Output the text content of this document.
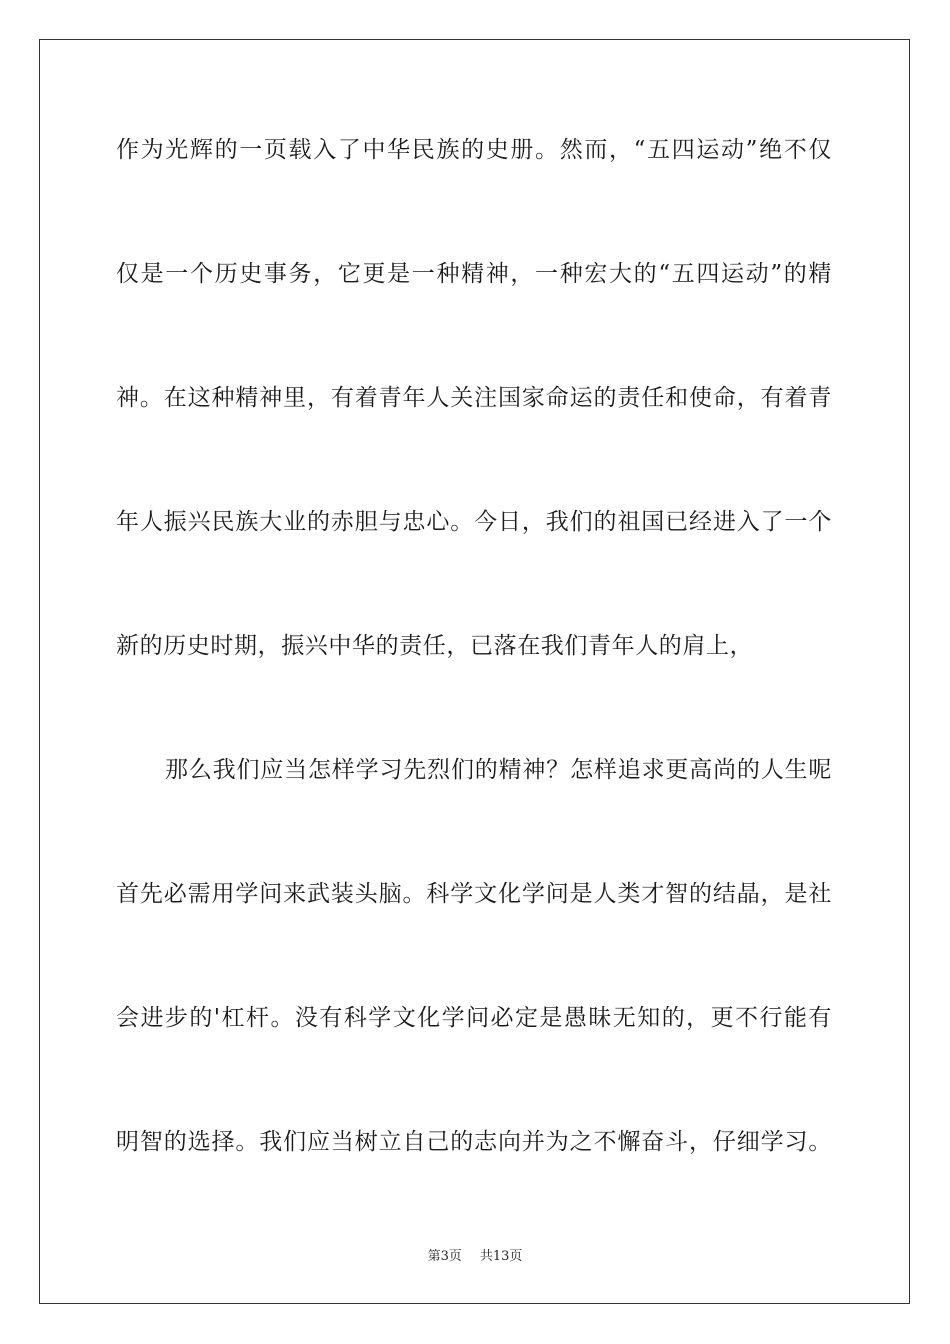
作为光辉的一页载入了中华民族的史册。然而，“五四运动”绝不仅
仅是一个历史事务，它更是一种精神，一种宏大的“五四运动”的精
神。在这种精神里，有着青年人关注国家命运的责任和使命，有着青
年人振兴民族大业的赤胆与忠心。今日，我们的祖国已经进入了一个
新的历史时期，振兴中华的责任，已落在我们青年人的肩上，
那么我们应当怎样学习先烈们的精神？怎样追求更高尚的人生呢
首先必需用学问来武装头脑。科学文化学问是人类才智的结晶，是社
会进步的'杠杆。没有科学文化学问必定是愚昧无知的，更不行能有
明智的选择。我们应当树立自己的志向并为之不懈奋斗，仔细学习。
第3页 共13页
